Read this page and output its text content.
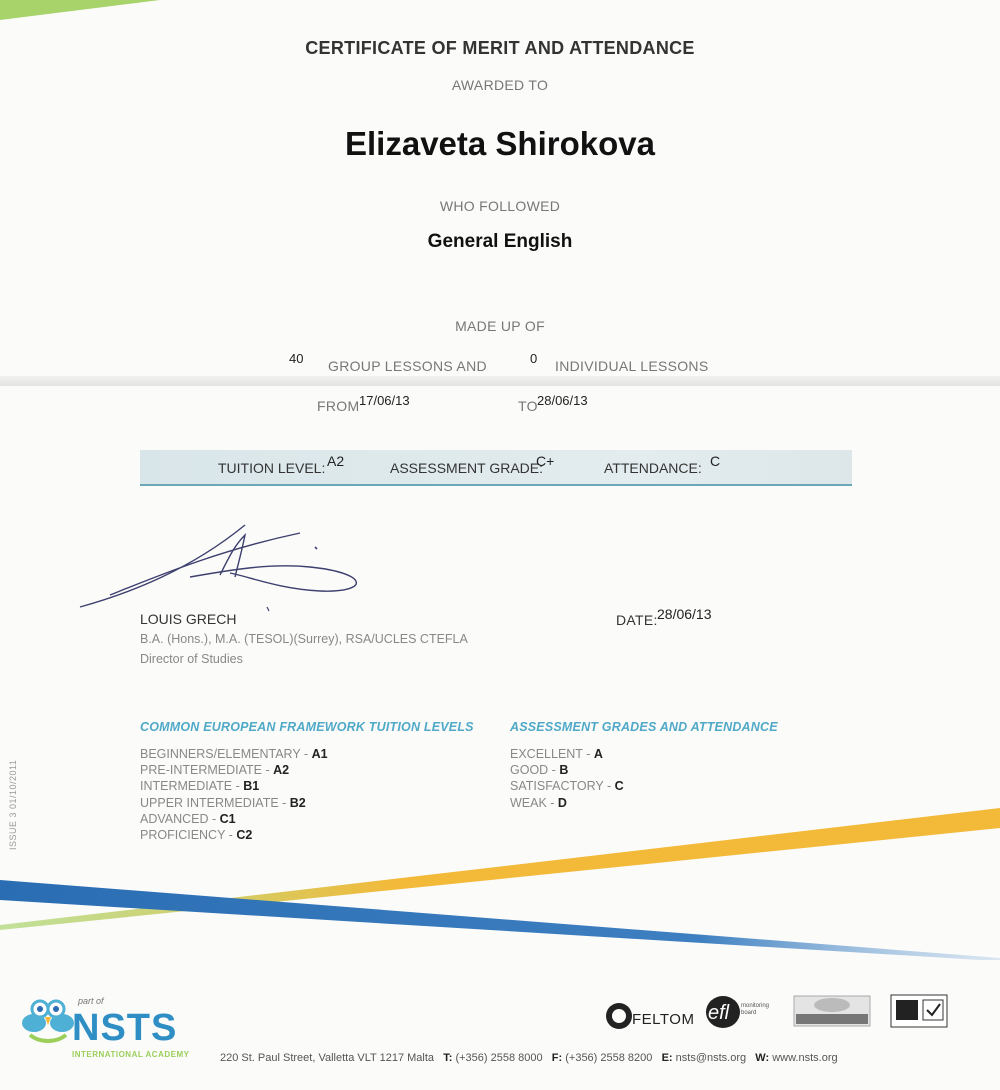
CERTIFICATE OF MERIT AND ATTENDANCE
AWARDED TO
Elizaveta Shirokova
WHO FOLLOWED
General English
MADE UP OF
40 GROUP LESSONS AND	0 INDIVIDUAL LESSONS
FROM 17/06/13	TO 28/06/13
TUITION LEVEL: A2	ASSESSMENT GRADE:
C+	ATTENDANCE: C
LOUIS GRECH
B.A. (Hons.), M.A. (TESOL)(Surrey), RSA/UCLES CTEFLA
Director of Studies
DATE: 28/06/13
COMMON EUROPEAN FRAMEWORK TUITION LEVELS
BEGINNERS/ELEMENTARY - A1
PRE-INTERMEDIATE - A2
INTERMEDIATE - B1
UPPER INTERMEDIATE - B2
ADVANCED - C1
PROFICIENCY - C2
ASSESSMENT GRADES AND ATTENDANCE
EXCELLENT - A
GOOD - B
SATISFACTORY - C
WEAK - D
ISSUE 3 01/10/2011
part of
NSTS
INTERNATIONAL ACADEMY
FELTOM efl monitoring board
220 St. Paul Street, Valletta VLT 1217 Malta T: (+356) 2558 8000 F: (+356) 2558 8200 E: nsts@nsts.org W: www.nsts.org
